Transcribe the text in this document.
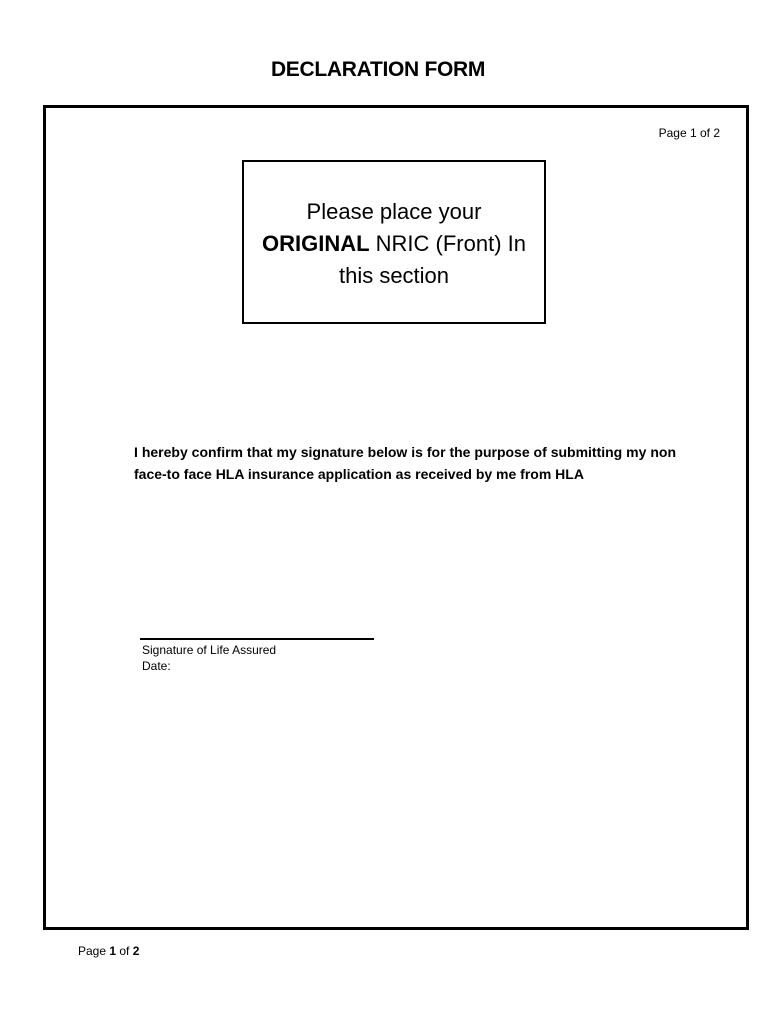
DECLARATION FORM
Page 1 of 2
Please place your
ORIGINAL NRIC (Front) In
this section
I hereby confirm that my signature below is for the purpose of submitting my non face-to face HLA insurance application as received by me from HLA
Signature of Life Assured
Date:
Page 1 of 2
